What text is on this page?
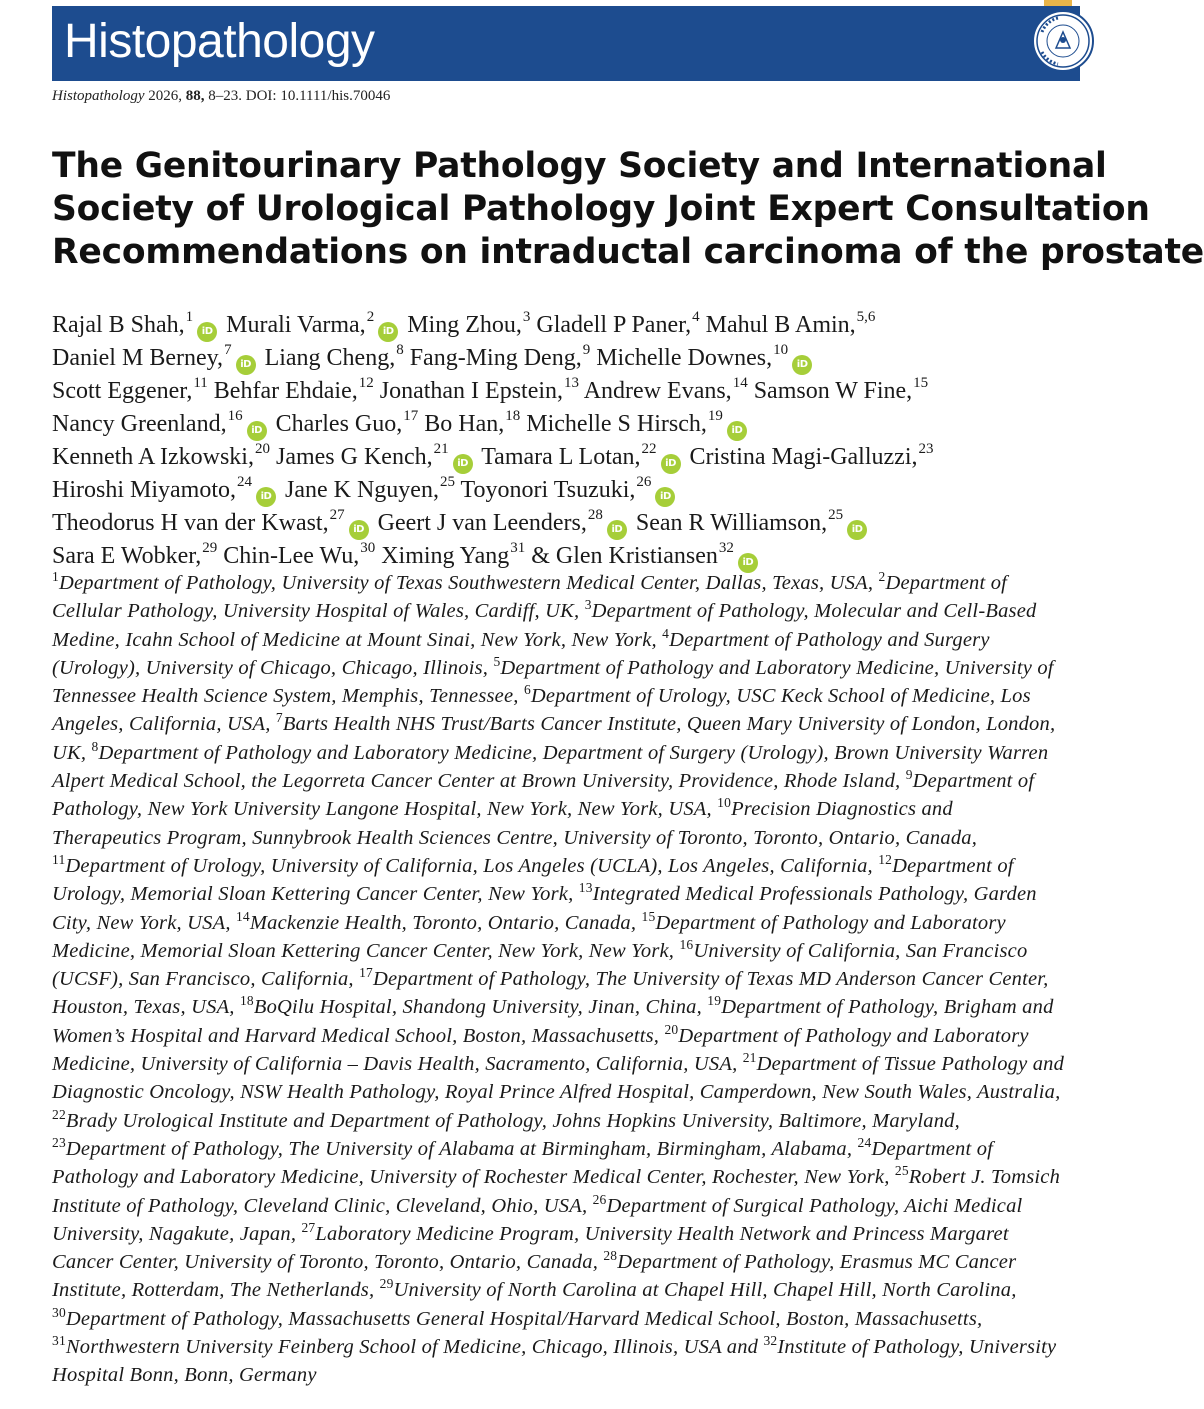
Histopathology
Histopathology 2026, 88, 8–23. DOI: 10.1111/his.70046
The Genitourinary Pathology Society and International
Society of Urological Pathology Joint Expert Consultation
Recommendations on intraductal carcinoma of the prostate
Rajal B Shah,$^1$iD Murali Varma,$^2$iD Ming Zhou,$^3$ Gladell P Paner,$^4$ Mahul B Amin,$^{5,6}$
Daniel M Berney,$^7$iD Liang Cheng,$^8$ Fang-Ming Deng,$^9$ Michelle Downes,$^{10}$iD
Scott Eggener,$^{11}$ Behfar Ehdaie,$^{12}$ Jonathan I Epstein,$^{13}$ Andrew Evans,$^{14}$ Samson W Fine,$^{15}$
Nancy Greenland,$^{16}$iD Charles Guo,$^{17}$ Bo Han,$^{18}$ Michelle S Hirsch,$^{19}$iD
Kenneth A Izkowski,$^{20}$ James G Kench,$^{21}$iD Tamara L Lotan,$^{22}$iD Cristina Magi-Galluzzi,$^{23}$
Hiroshi Miyamoto,$^{24}$iD Jane K Nguyen,$^{25}$ Toyonori Tsuzuki,$^{26}$iD
Theodorus H van der Kwast,$^{27}$iD Geert J van Leenders,$^{28}$iD Sean R Williamson,$^{25}$iD
Sara E Wobker,$^{29}$ Chin-Lee Wu,$^{30}$ Ximing Yang$^{31}$ & Glen Kristiansen$^{32}$iD
$^1$Department of Pathology, University of Texas Southwestern Medical Center, Dallas, Texas, USA, $^2$Department of
Cellular Pathology, University Hospital of Wales, Cardiff, UK, $^3$Department of Pathology, Molecular and Cell-Based
Medine, Icahn School of Medicine at Mount Sinai, New York, New York, $^4$Department of Pathology and Surgery
(Urology), University of Chicago, Chicago, Illinois, $^5$Department of Pathology and Laboratory Medicine, University of
Tennessee Health Science System, Memphis, Tennessee, $^6$Department of Urology, USC Keck School of Medicine, Los
Angeles, California, USA, $^7$Barts Health NHS Trust/Barts Cancer Institute, Queen Mary University of London, London,
UK, $^8$Department of Pathology and Laboratory Medicine, Department of Surgery (Urology), Brown University Warren
Alpert Medical School, the Legorreta Cancer Center at Brown University, Providence, Rhode Island, $^9$Department of
Pathology, New York University Langone Hospital, New York, New York, USA, $^{10}$Precision Diagnostics and
Therapeutics Program, Sunnybrook Health Sciences Centre, University of Toronto, Toronto, Ontario, Canada,
$^{11}$Department of Urology, University of California, Los Angeles (UCLA), Los Angeles, California, $^{12}$Department of
Urology, Memorial Sloan Kettering Cancer Center, New York, $^{13}$Integrated Medical Professionals Pathology, Garden
City, New York, USA, $^{14}$Mackenzie Health, Toronto, Ontario, Canada, $^{15}$Department of Pathology and Laboratory
Medicine, Memorial Sloan Kettering Cancer Center, New York, New York, $^{16}$University of California, San Francisco
(UCSF), San Francisco, California, $^{17}$Department of Pathology, The University of Texas MD Anderson Cancer Center,
Houston, Texas, USA, $^{18}$BoQilu Hospital, Shandong University, Jinan, China, $^{19}$Department of Pathology, Brigham and
Women’s Hospital and Harvard Medical School, Boston, Massachusetts, $^{20}$Department of Pathology and Laboratory
Medicine, University of California – Davis Health, Sacramento, California, USA, $^{21}$Department of Tissue Pathology and
Diagnostic Oncology, NSW Health Pathology, Royal Prince Alfred Hospital, Camperdown, New South Wales, Australia,
$^{22}$Brady Urological Institute and Department of Pathology, Johns Hopkins University, Baltimore, Maryland,
$^{23}$Department of Pathology, The University of Alabama at Birmingham, Birmingham, Alabama, $^{24}$Department of
Pathology and Laboratory Medicine, University of Rochester Medical Center, Rochester, New York, $^{25}$Robert J. Tomsich
Institute of Pathology, Cleveland Clinic, Cleveland, Ohio, USA, $^{26}$Department of Surgical Pathology, Aichi Medical
University, Nagakute, Japan, $^{27}$Laboratory Medicine Program, University Health Network and Princess Margaret
Cancer Center, University of Toronto, Toronto, Ontario, Canada, $^{28}$Department of Pathology, Erasmus MC Cancer
Institute, Rotterdam, The Netherlands, $^{29}$University of North Carolina at Chapel Hill, Chapel Hill, North Carolina,
$^{30}$Department of Pathology, Massachusetts General Hospital/Harvard Medical School, Boston, Massachusetts,
$^{31}$Northwestern University Feinberg School of Medicine, Chicago, Illinois, USA and $^{32}$Institute of Pathology, University
Hospital Bonn, Bonn, Germany
